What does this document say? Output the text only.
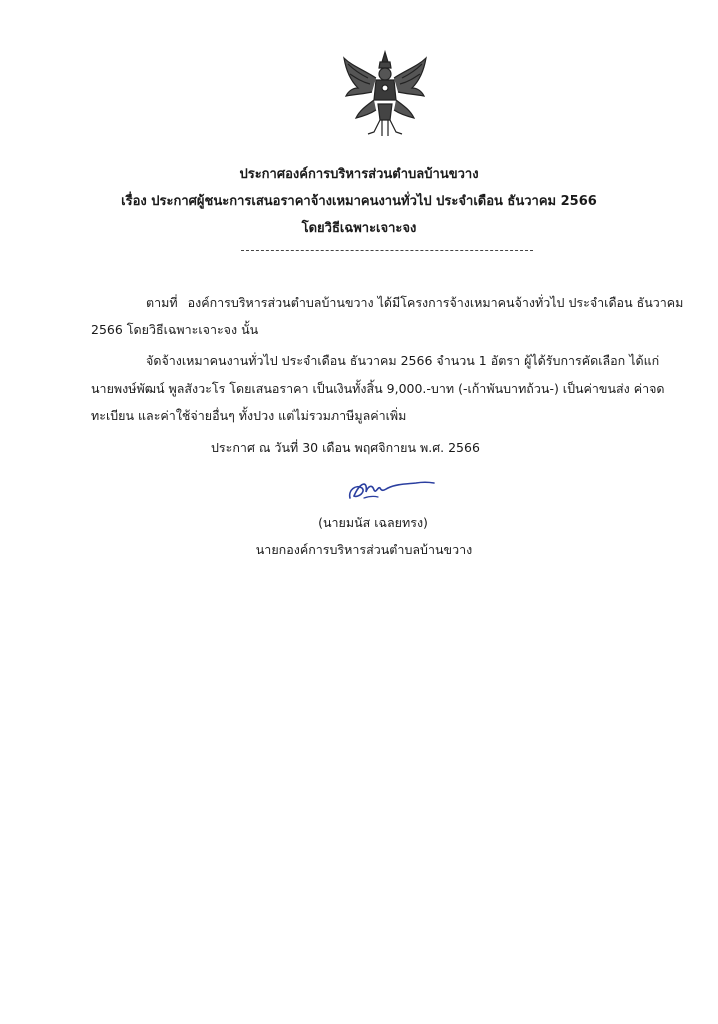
ประกาศองค์การบริหารส่วนตำบลบ้านขวาง
เรื่อง ประกาศผู้ชนะการเสนอราคาจ้างเหมาคนงานทั่วไป ประจำเดือน ธันวาคม 2566
โดยวิธีเฉพาะเจาะจง
ตามที่ องค์การบริหารส่วนตำบลบ้านขวาง ได้มีโครงการจ้างเหมาคนจ้างทั่วไป ประจำเดือน ธันวาคม
2566 โดยวิธีเฉพาะเจาะจง นั้น
จัดจ้างเหมาคนงานทั่วไป ประจำเดือน ธันวาคม 2566 จำนวน 1 อัตรา ผู้ได้รับการคัดเลือก ได้แก่
นายพงษ์พัฒน์ พูลสังวะโร โดยเสนอราคา เป็นเงินทั้งสิ้น 9,000.-บาท (-เก้าพันบาทถ้วน-) เป็นค่าขนส่ง ค่าจด
ทะเบียน และค่าใช้จ่ายอื่นๆ ทั้งปวง แต่ไม่รวมภาษีมูลค่าเพิ่ม
ประกาศ ณ วันที่ 30 เดือน พฤศจิกายน พ.ศ. 2566
(นายมนัส เฉลยทรง)
นายกองค์การบริหารส่วนตำบลบ้านขวาง
